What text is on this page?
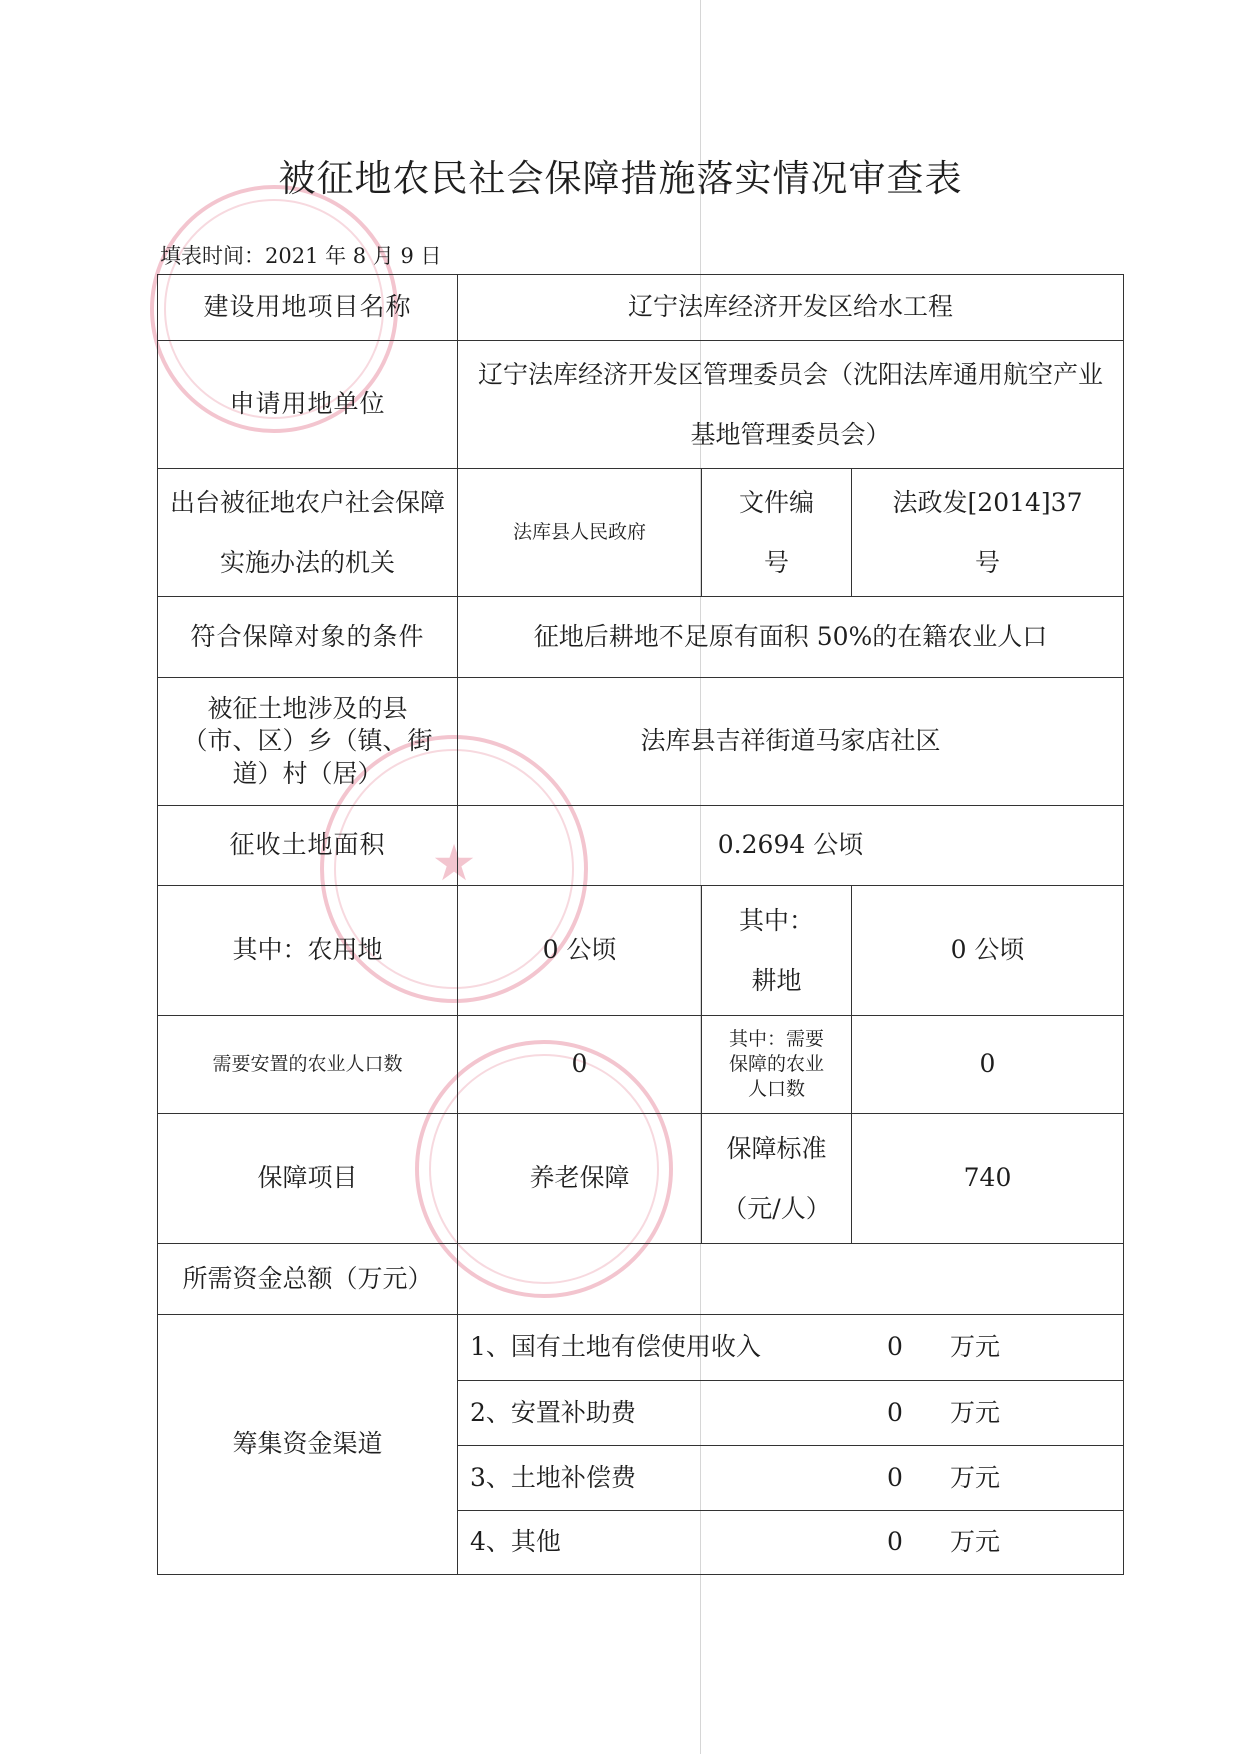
★
被征地农民社会保障措施落实情况审查表
填表时间：2021 年 8 月 9 日
建设用地项目名称	辽宁法库经济开发区给水工程		
申请用地单位	辽宁法库经济开发区管理委员会（沈阳法库通用航空产业基地管理委员会）		
出台被征地农户社会保障实施办法的机关	法库县人民政府	文件编号	法政发[2014]37 号
符合保障对象的条件	征地后耕地不足原有面积 50%的在籍农业人口		
被征土地涉及的县（市、区）乡（镇、街道）村（居）	法库县吉祥街道马家店社区		
征收土地面积	0.2694 公顷		
其中：农用地	0 公顷	其中：耕地	0 公顷
需要安置的农业人口数	0	其中：需要保障的农业人口数	0
保障项目	养老保障	保障标准（元/人）	740
所需资金总额（万元）			
筹集资金渠道	1、国有土地有偿使用收入 0 万元		
	2、安置补助费 0 万元		
	3、土地补偿费 0 万元		
	4、其他 0 万元		
